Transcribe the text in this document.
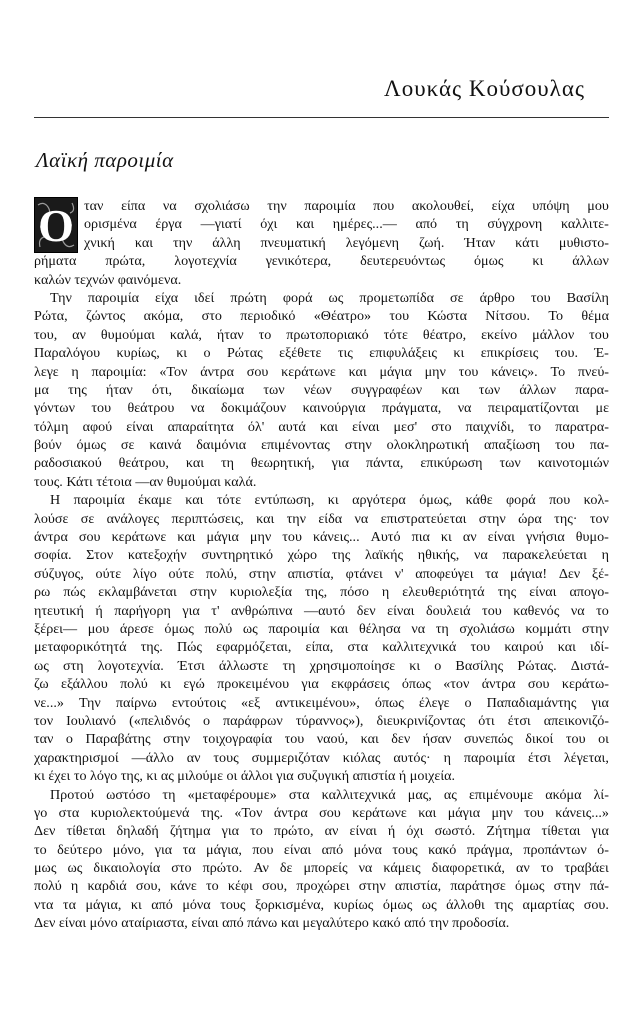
Λουκάς Κούσουλας
Λαϊκή παροιμία
O ταν είπα να σχολιάσω την παροιμία που ακολουθεί, είχα υπόψη μου
ορισμένα έργα —γιατί όχι και ημέρες...— από τη σύγχρονη καλλιτε-
χνική και την άλλη πνευματική λεγόμενη ζωή. Ήταν κάτι μυθιστο-
ρήματα πρώτα, λογοτεχνία γενικότερα, δευτερευόντως όμως κι άλλων
καλών τεχνών φαινόμενα.
Την παροιμία είχα ιδεί πρώτη φορά ως προμετωπίδα σε άρθρο του Βασίλη
Ρώτα, ζώντος ακόμα, στο περιοδικό «Θέατρο» του Κώστα Νίτσου. Το θέμα
του, αν θυμούμαι καλά, ήταν το πρωτοποριακό τότε θέατρο, εκείνο μάλλον του
Παραλόγου κυρίως, κι ο Ρώτας εξέθετε τις επιφυλάξεις κι επικρίσεις του. Έ-
λεγε η παροιμία: «Τον άντρα σου κεράτωνε και μάγια μην του κάνεις». Το πνεύ-
μα της ήταν ότι, δικαίωμα των νέων συγγραφέων και των άλλων παρα-
γόντων του θεάτρου να δοκιμάζουν καινούργια πράγματα, να πειραματίζονται με
τόλμη αφού είναι απαραίτητα όλ' αυτά και είναι μεσ' στο παιχνίδι, το παρατρα-
βούν όμως σε καινά δαιμόνια επιμένοντας στην ολοκληρωτική απαξίωση του πα-
ραδοσιακού θεάτρου, και τη θεωρητική, για πάντα, επικύρωση των καινοτομιών
τους. Κάτι τέτοια —αν θυμούμαι καλά.
Η παροιμία έκαμε και τότε εντύπωση, κι αργότερα όμως, κάθε φορά που κολ-
λούσε σε ανάλογες περιπτώσεις, και την είδα να επιστρατεύεται στην ώρα της· τον
άντρα σου κεράτωνε και μάγια μην του κάνεις... Αυτό πια κι αν είναι γνήσια θυμο-
σοφία. Στον κατεξοχήν συντηρητικό χώρο της λαϊκής ηθικής, να παρακελεύεται η
σύζυγος, ούτε λίγο ούτε πολύ, στην απιστία, φτάνει ν' αποφεύγει τα μάγια! Δεν ξέ-
ρω πώς εκλαμβάνεται στην κυριολεξία της, πόσο η ελευθεριότητά της είναι απογο-
ητευτική ή παρήγορη για τ' ανθρώπινα —αυτό δεν είναι δουλειά του καθενός να το
ξέρει— μου άρεσε όμως πολύ ως παροιμία και θέλησα να τη σχολιάσω κομμάτι στην
μεταφορικότητά της. Πώς εφαρμόζεται, είπα, στα καλλιτεχνικά του καιρού και ιδί-
ως στη λογοτεχνία. Έτσι άλλωστε τη χρησιμοποίησε κι ο Βασίλης Ρώτας. Διστά-
ζω εξάλλου πολύ κι εγώ προκειμένου για εκφράσεις όπως «τον άντρα σου κεράτω-
νε...» Την παίρνω εντούτοις «εξ αντικειμένου», όπως έλεγε ο Παπαδιαμάντης για
τον Ιουλιανό («πελιδνός ο παράφρων τύραννος»), διευκρινίζοντας ότι έτσι απεικονιζό-
ταν ο Παραβάτης στην τοιχογραφία του ναού, και δεν ήσαν συνεπώς δικοί του οι
χαρακτηρισμοί —άλλο αν τους συμμεριζόταν κιόλας αυτός· η παροιμία έτσι λέγεται,
κι έχει το λόγο της, κι ας μιλούμε οι άλλοι για συζυγική απιστία ή μοιχεία.
Προτού ωστόσο τη «μεταφέρουμε» στα καλλιτεχνικά μας, ας επιμένουμε ακόμα λί-
γο στα κυριολεκτούμενά της. «Τον άντρα σου κεράτωνε και μάγια μην του κάνεις...»
Δεν τίθεται δηλαδή ζήτημα για το πρώτο, αν είναι ή όχι σωστό. Ζήτημα τίθεται για
το δεύτερο μόνο, για τα μάγια, που είναι από μόνα τους κακό πράγμα, προπάντων ό-
μως ως δικαιολογία στο πρώτο. Αν δε μπορείς να κάμεις διαφορετικά, αν το τραβάει
πολύ η καρδιά σου, κάνε το κέφι σου, προχώρει στην απιστία, παράτησε όμως στην πά-
ντα τα μάγια, κι από μόνα τους ξορκισμένα, κυρίως όμως ως άλλοθι της αμαρτίας σου.
Δεν είναι μόνο αταίριαστα, είναι από πάνω και μεγαλύτερο κακό από την προδοσία.
